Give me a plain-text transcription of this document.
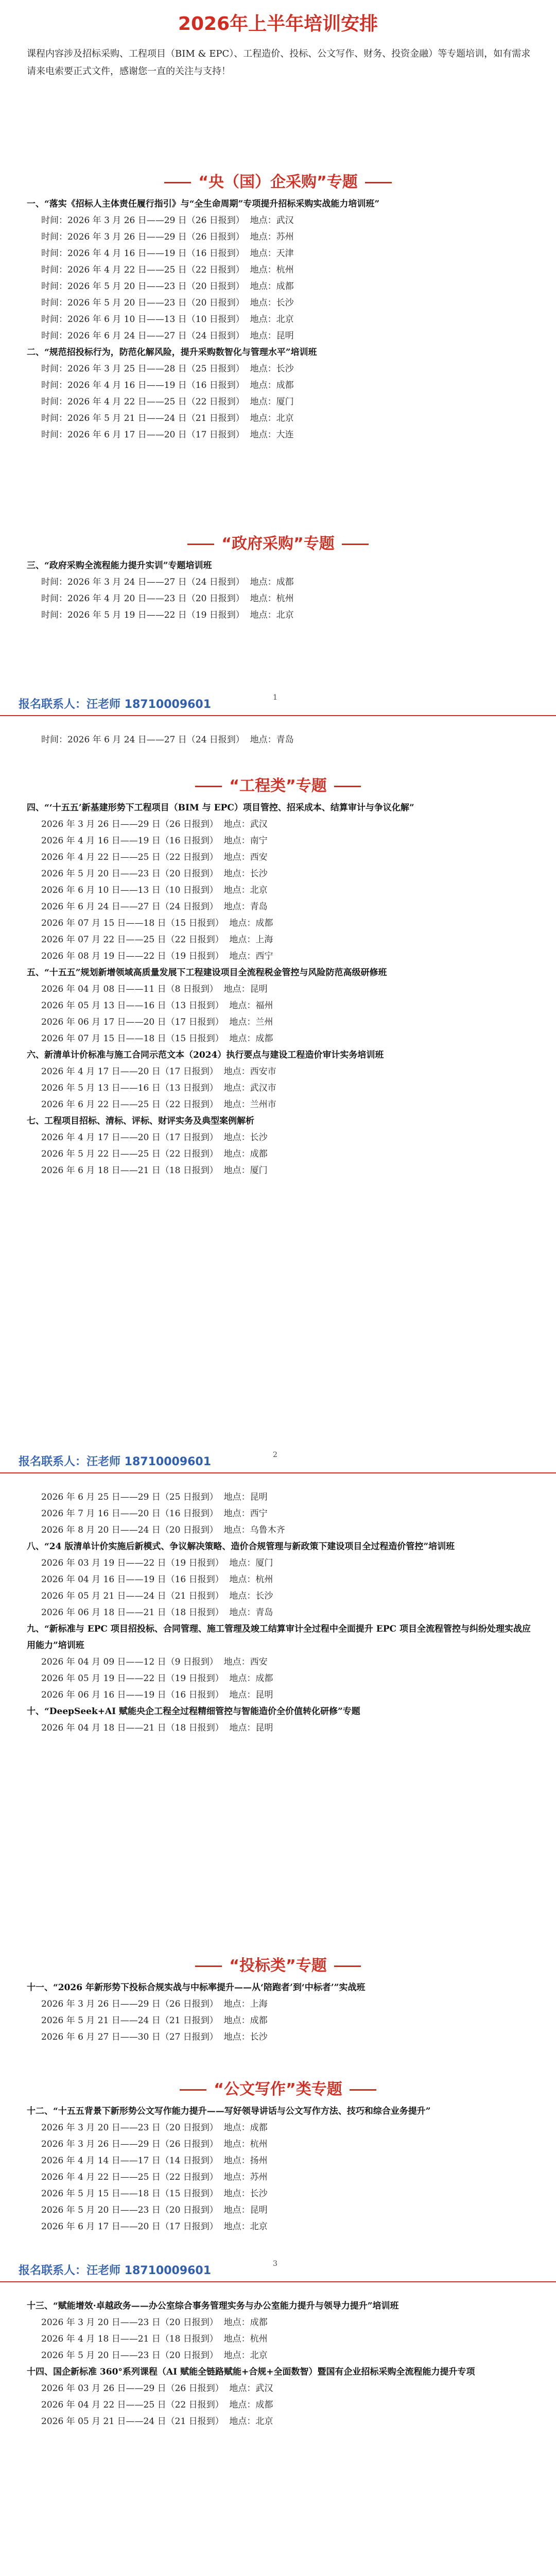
2026年上半年培训安排
课程内容涉及招标采购、工程项目（BIM & EPC）、工程造价、投标、公文写作、财务、投资金融）等专题培训，如有需求请来电索要正式文件，感谢您一直的关注与支持！
“央（国）企采购”专题
一、“落实《招标人主体责任履行指引》与“全生命周期”专项提升招标采购实战能力培训班”
时间：2026 年 3 月 26 日——29 日（26 日报到）  地点：武汉
时间：2026 年 3 月 26 日——29 日（26 日报到）  地点：苏州
时间：2026 年 4 月 16 日——19 日（16 日报到）  地点：天津
时间：2026 年 4 月 22 日——25 日（22 日报到）  地点：杭州
时间：2026 年 5 月 20 日——23 日（20 日报到）  地点：成都
时间：2026 年 5 月 20 日——23 日（20 日报到）  地点：长沙
时间：2026 年 6 月 10 日——13 日（10 日报到）  地点：北京
时间：2026 年 6 月 24 日——27 日（24 日报到）  地点：昆明
二、“规范招投标行为，防范化解风险，提升采购数智化与管理水平”培训班
时间：2026 年 3 月 25 日——28 日（25 日报到）  地点：长沙
时间：2026 年 4 月 16 日——19 日（16 日报到）  地点：成都
时间：2026 年 4 月 22 日——25 日（22 日报到）  地点：厦门
时间：2026 年 5 月 21 日——24 日（21 日报到）  地点：北京
时间：2026 年 6 月 17 日——20 日（17 日报到）  地点：大连
“政府采购”专题
三、“政府采购全流程能力提升实训”专题培训班
时间：2026 年 3 月 24 日——27 日（24 日报到）  地点：成都
时间：2026 年 4 月 20 日——23 日（20 日报到）  地点：杭州
时间：2026 年 5 月 19 日——22 日（19 日报到）  地点：北京
报名联系人：汪老师 18710009601
1
时间：2026 年 6 月 24 日——27 日（24 日报到）  地点：青岛
“工程类”专题
四、“‘十五五’新基建形势下工程项目（BIM 与 EPC）项目管控、招采成本、结算审计与争议化解”
2026 年 3 月 26 日——29 日（26 日报到）  地点：武汉
2026 年 4 月 16 日——19 日（16 日报到）  地点：南宁
2026 年 4 月 22 日——25 日（22 日报到）  地点：西安
2026 年 5 月 20 日——23 日（20 日报到）  地点：长沙
2026 年 6 月 10 日——13 日（10 日报到）  地点：北京
2026 年 6 月 24 日——27 日（24 日报到）  地点：青岛
2026 年 07 月 15 日——18 日（15 日报到）  地点：成都
2026 年 07 月 22 日——25 日（22 日报到）  地点：上海
2026 年 08 月 19 日——22 日（19 日报到）  地点：西宁
五、“十五五”规划新增领域高质量发展下工程建设项目全流程税金管控与风险防范高级研修班
2026 年 04 月 08 日——11 日（8 日报到）  地点：昆明
2026 年 05 月 13 日——16 日（13 日报到）  地点：福州
2026 年 06 月 17 日——20 日（17 日报到）  地点：兰州
2026 年 07 月 15 日——18 日（15 日报到）  地点：成都
六、新清单计价标准与施工合同示范文本（2024）执行要点与建设工程造价审计实务培训班
2026 年 4 月 17 日——20 日（17 日报到）  地点：西安市
2026 年 5 月 13 日——16 日（13 日报到）  地点：武汉市
2026 年 6 月 22 日——25 日（22 日报到）  地点：兰州市
七、工程项目招标、清标、评标、财评实务及典型案例解析
2026 年 4 月 17 日——20 日（17 日报到）  地点：长沙
2026 年 5 月 22 日——25 日（22 日报到）  地点：成都
2026 年 6 月 18 日——21 日（18 日报到）  地点：厦门
报名联系人：汪老师 18710009601
2
2026 年 6 月 25 日——29 日（25 日报到）  地点：昆明
2026 年 7 月 16 日——20 日（16 日报到）  地点：西宁
2026 年 8 月 20 日——24 日（20 日报到）  地点：乌鲁木齐
八、“24 版清单计价实施后新模式、争议解决策略、造价合规管理与新政策下建设项目全过程造价管控”培训班
2026 年 03 月 19 日——22 日（19 日报到）  地点：厦门
2026 年 04 月 16 日——19 日（16 日报到）  地点：杭州
2026 年 05 月 21 日——24 日（21 日报到）  地点：长沙
2026 年 06 月 18 日——21 日（18 日报到）  地点：青岛
九、“新标准与 EPC 项目招投标、合同管理、施工管理及竣工结算审计全过程中全面提升 EPC 项目全流程管控与纠纷处理实战应用能力”培训班
2026 年 04 月 09 日——12 日（9 日报到）  地点：西安
2026 年 05 月 19 日——22 日（19 日报到）  地点：成都
2026 年 06 月 16 日——19 日（16 日报到）  地点：昆明
十、“DeepSeek+AI 赋能央企工程全过程精细管控与智能造价全价值转化研修”专题
2026 年 04 月 18 日——21 日（18 日报到）  地点：昆明
“投标类”专题
十一、“2026 年新形势下投标合规实战与中标率提升——从‘陪跑者’到‘中标者’”实战班
2026 年 3 月 26 日——29 日（26 日报到）  地点：上海
2026 年 5 月 21 日——24 日（21 日报到）  地点：成都
2026 年 6 月 27 日——30 日（27 日报到）  地点：长沙
“公文写作”类专题
十二、“十五五背景下新形势公文写作能力提升——写好领导讲话与公文写作方法、技巧和综合业务提升”
2026 年 3 月 20 日——23 日（20 日报到）  地点：成都
2026 年 3 月 26 日——29 日（26 日报到）  地点：杭州
2026 年 4 月 14 日——17 日（14 日报到）  地点：扬州
2026 年 4 月 22 日——25 日（22 日报到）  地点：苏州
2026 年 5 月 15 日——18 日（15 日报到）  地点：长沙
2026 年 5 月 20 日——23 日（20 日报到）  地点：昆明
2026 年 6 月 17 日——20 日（17 日报到）  地点：北京
报名联系人：汪老师 18710009601
3
十三、“赋能增效·卓越政务——办公室综合事务管理实务与办公室能力提升与领导力提升”培训班
2026 年 3 月 20 日——23 日（20 日报到）  地点：成都
2026 年 4 月 18 日——21 日（18 日报到）  地点：杭州
2026 年 5 月 20 日——23 日（20 日报到）  地点：北京
十四、国企新标准 360°系列课程（AI 赋能全链路赋能+合规+全面数智）暨国有企业招标采购全流程能力提升专项
2026 年 03 月 26 日——29 日（26 日报到）  地点：武汉
2026 年 04 月 22 日——25 日（22 日报到）  地点：成都
2026 年 05 月 21 日——24 日（21 日报到）  地点：北京
